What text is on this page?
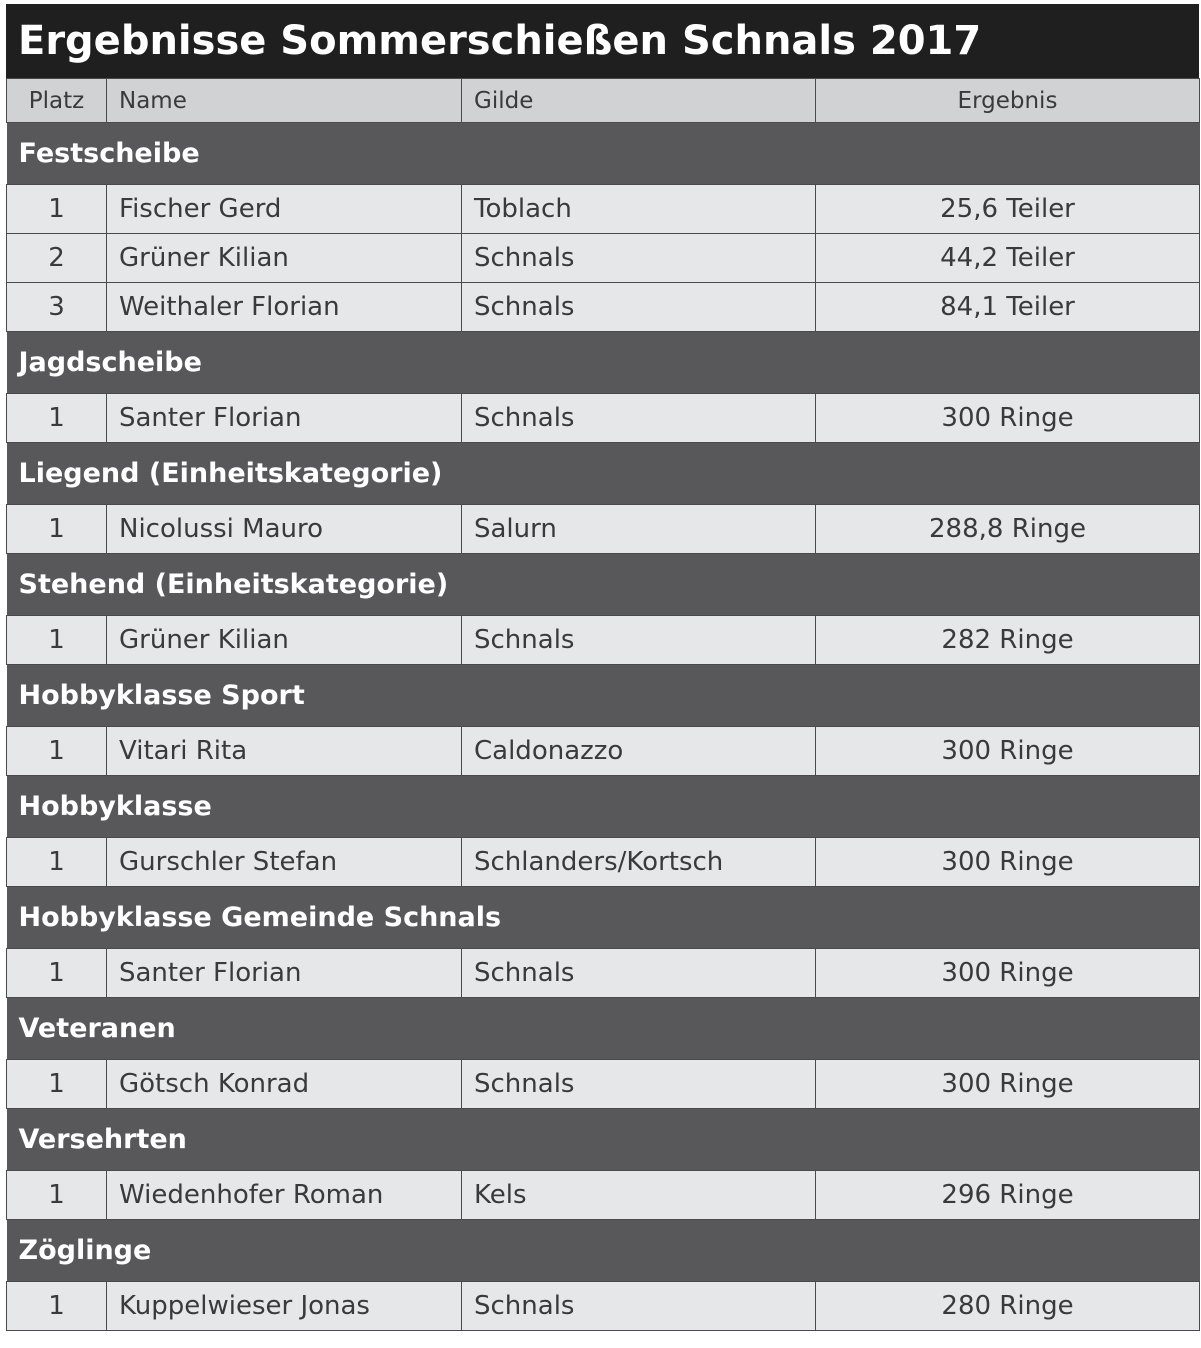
Ergebnisse Sommerschießen Schnals 2017
Platz	Name	Gilde	Ergebnis
Festscheibe			
1	Fischer Gerd	Toblach	25,6 Teiler
2	Grüner Kilian	Schnals	44,2 Teiler
3	Weithaler Florian	Schnals	84,1 Teiler
Jagdscheibe			
1	Santer Florian	Schnals	300 Ringe
Liegend (Einheitskategorie)			
1	Nicolussi Mauro	Salurn	288,8 Ringe
Stehend (Einheitskategorie)			
1	Grüner Kilian	Schnals	282 Ringe
Hobbyklasse Sport			
1	Vitari Rita	Caldonazzo	300 Ringe
Hobbyklasse			
1	Gurschler Stefan	Schlanders/Kortsch	300 Ringe
Hobbyklasse Gemeinde Schnals			
1	Santer Florian	Schnals	300 Ringe
Veteranen			
1	Götsch Konrad	Schnals	300 Ringe
Versehrten			
1	Wiedenhofer Roman	Kels	296 Ringe
Zöglinge			
1	Kuppelwieser Jonas	Schnals	280 Ringe
